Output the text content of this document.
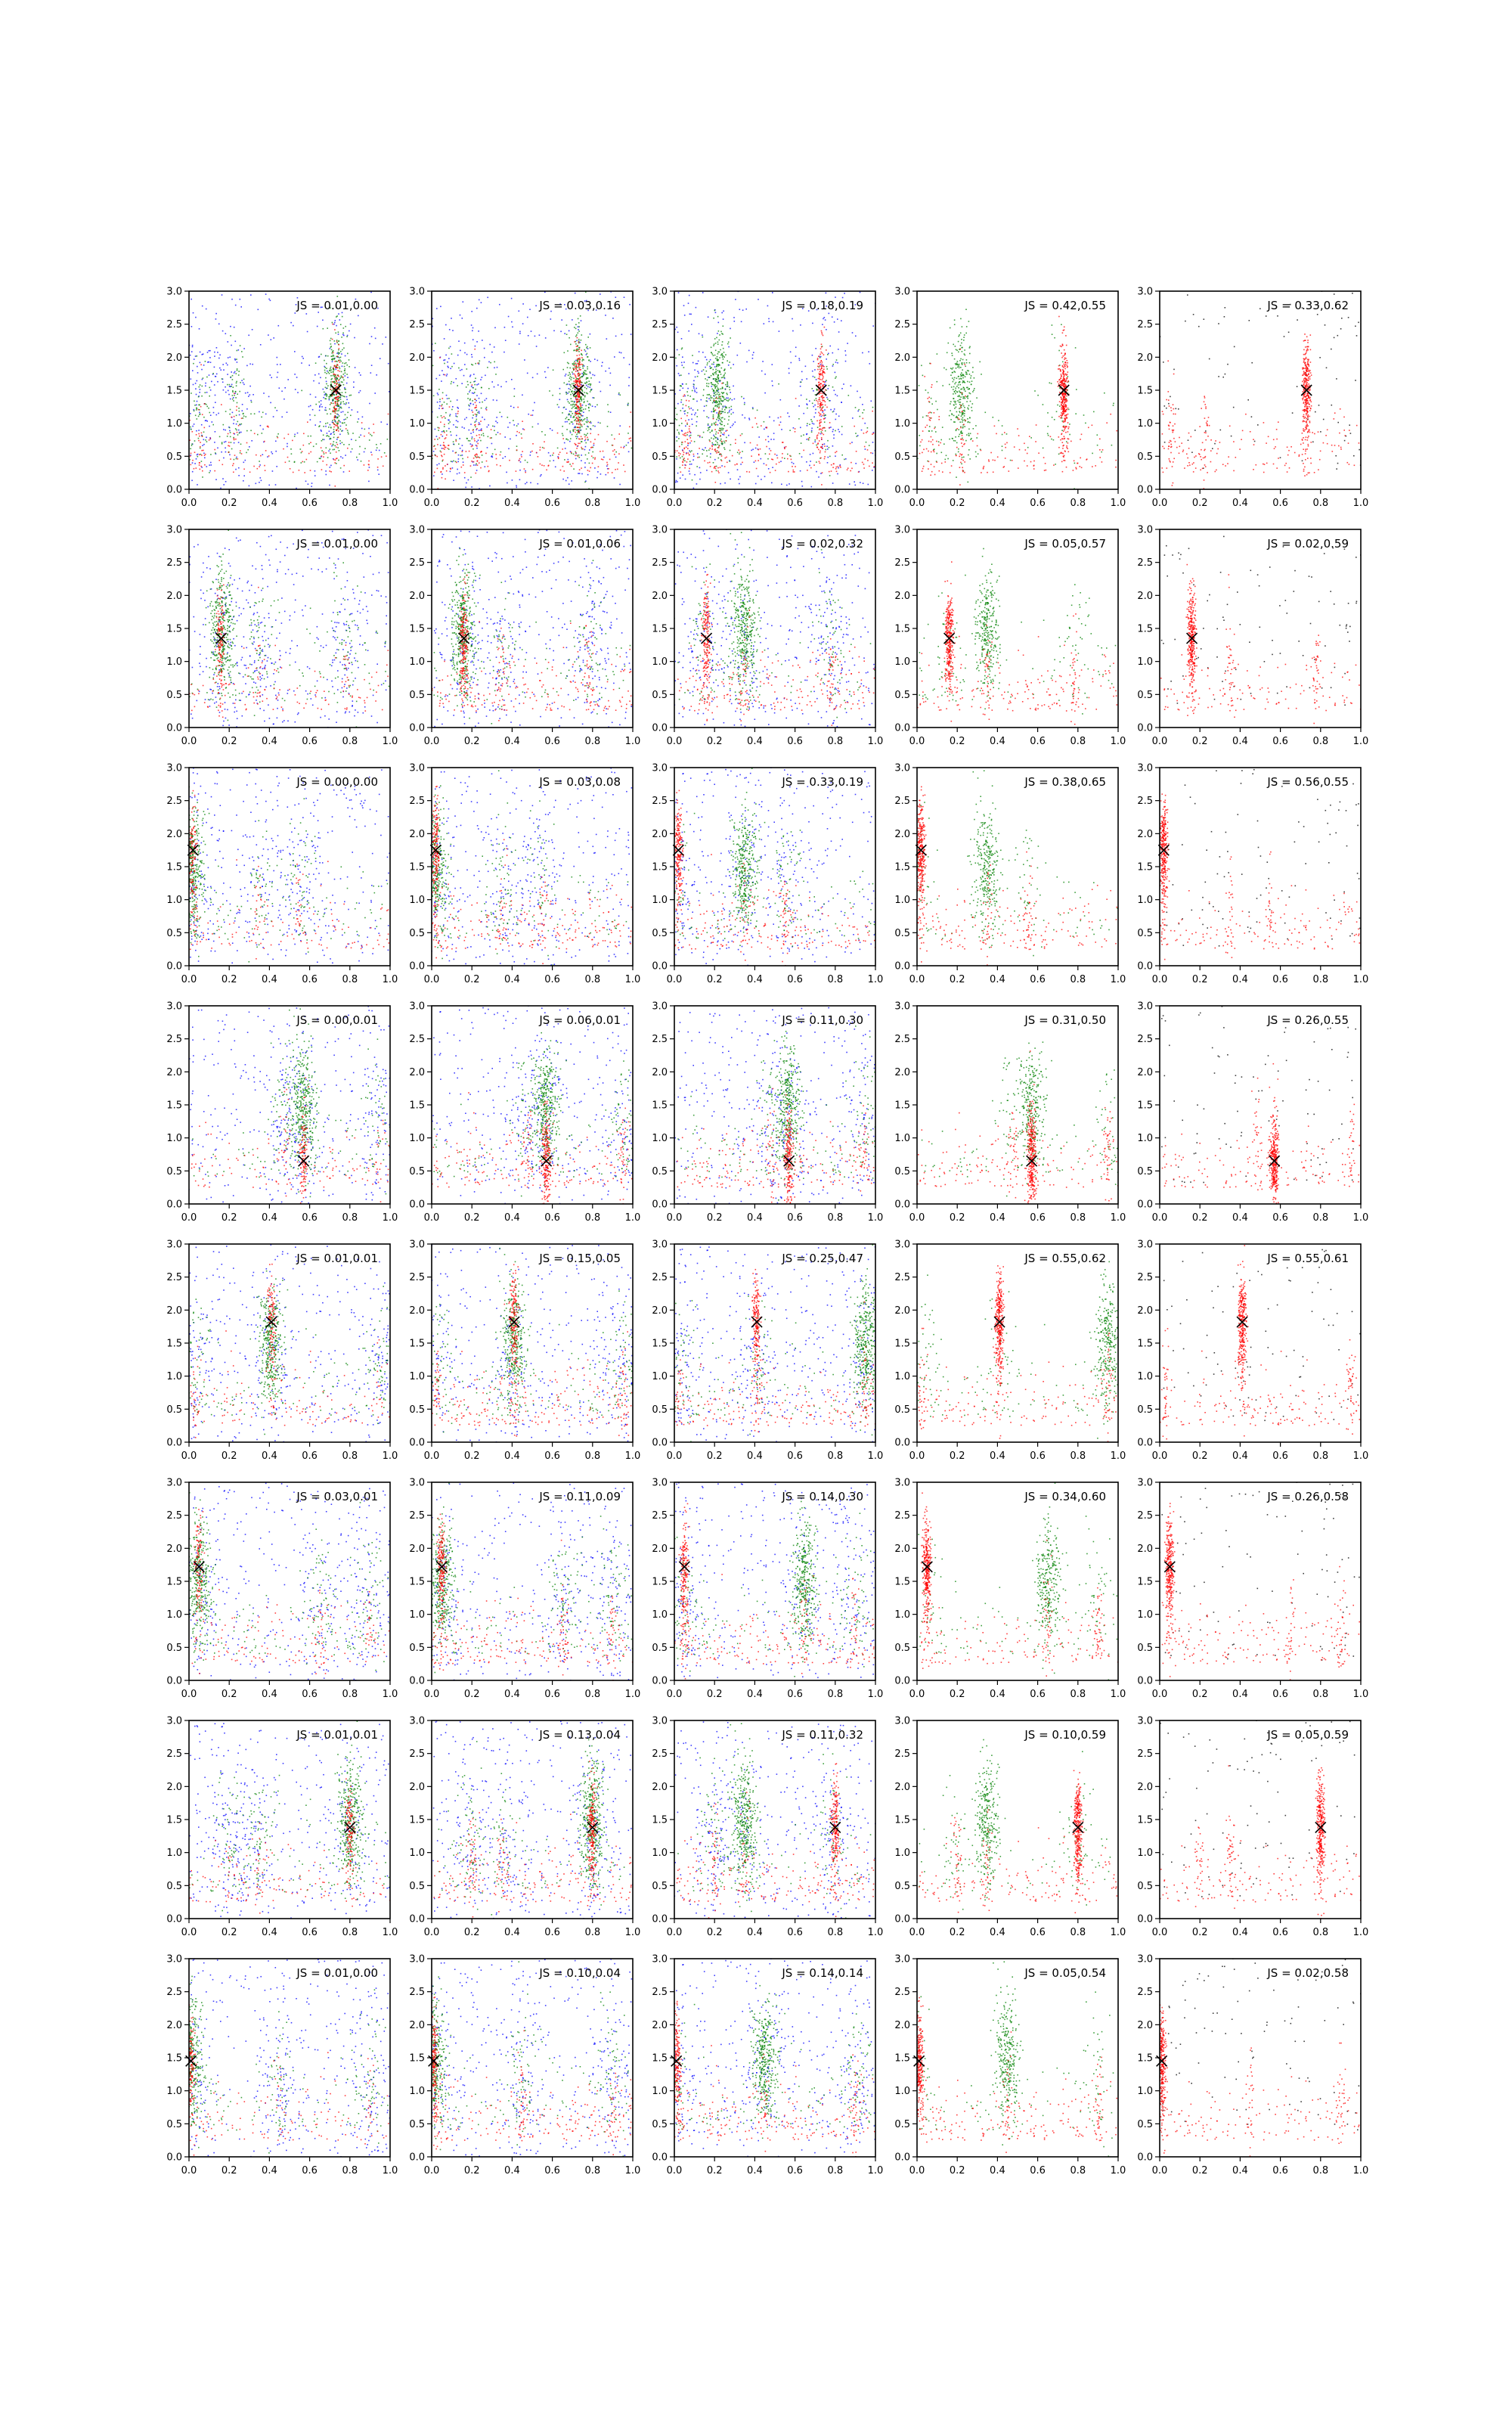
0.0	0.2	0.4	0.6	0.8	1.0
0.0
0.5
1.0
1.5
2.0
2.5
3.0
JS = 0.01,0.00
0.0	0.2	0.4	0.6	0.8	1.0
0.0
0.5
1.0
1.5
2.0
2.5
3.0
JS = 0.03,0.16
0.0	0.2	0.4	0.6	0.8	1.0
0.0
0.5
1.0
1.5
2.0
2.5
3.0
JS = 0.18,0.19
0.0	0.2	0.4	0.6	0.8	1.0
0.0
0.5
1.0
1.5
2.0
2.5
3.0
JS = 0.42,0.55
0.0	0.2	0.4	0.6	0.8	1.0
0.0
0.5
1.0
1.5
2.0
2.5
3.0
JS = 0.33,0.62
0.0	0.2	0.4	0.6	0.8	1.0
0.0
0.5
1.0
1.5
2.0
2.5
3.0
JS = 0.01,0.00
0.0	0.2	0.4	0.6	0.8	1.0
0.0
0.5
1.0
1.5
2.0
2.5
3.0
JS = 0.01,0.06
0.0	0.2	0.4	0.6	0.8	1.0
0.0
0.5
1.0
1.5
2.0
2.5
3.0
JS = 0.02,0.32
0.0	0.2	0.4	0.6	0.8	1.0
0.0
0.5
1.0
1.5
2.0
2.5
3.0
JS = 0.05,0.57
0.0	0.2	0.4	0.6	0.8	1.0
0.0
0.5
1.0
1.5
2.0
2.5
3.0
JS = 0.02,0.59
0.0	0.2	0.4	0.6	0.8	1.0
0.0
0.5
1.0
1.5
2.0
2.5
3.0
JS = 0.00,0.00
0.0	0.2	0.4	0.6	0.8	1.0
0.0
0.5
1.0
1.5
2.0
2.5
3.0
JS = 0.03,0.08
0.0	0.2	0.4	0.6	0.8	1.0
0.0
0.5
1.0
1.5
2.0
2.5
3.0
JS = 0.33,0.19
0.0	0.2	0.4	0.6	0.8	1.0
0.0
0.5
1.0
1.5
2.0
2.5
3.0
JS = 0.38,0.65
0.0	0.2	0.4	0.6	0.8	1.0
0.0
0.5
1.0
1.5
2.0
2.5
3.0
JS = 0.56,0.55
0.0	0.2	0.4	0.6	0.8	1.0
0.0
0.5
1.0
1.5
2.0
2.5
3.0
JS = 0.00,0.01
0.0	0.2	0.4	0.6	0.8	1.0
0.0
0.5
1.0
1.5
2.0
2.5
3.0
JS = 0.06,0.01
0.0	0.2	0.4	0.6	0.8	1.0
0.0
0.5
1.0
1.5
2.0
2.5
3.0
JS = 0.11,0.30
0.0	0.2	0.4	0.6	0.8	1.0
0.0
0.5
1.0
1.5
2.0
2.5
3.0
JS = 0.31,0.50
0.0	0.2	0.4	0.6	0.8	1.0
0.0
0.5
1.0
1.5
2.0
2.5
3.0
JS = 0.26,0.55
0.0	0.2	0.4	0.6	0.8	1.0
0.0
0.5
1.0
1.5
2.0
2.5
3.0
JS = 0.01,0.01
0.0	0.2	0.4	0.6	0.8	1.0
0.0
0.5
1.0
1.5
2.0
2.5
3.0
JS = 0.15,0.05
0.0	0.2	0.4	0.6	0.8	1.0
0.0
0.5
1.0
1.5
2.0
2.5
3.0
JS = 0.25,0.47
0.0	0.2	0.4	0.6	0.8	1.0
0.0
0.5
1.0
1.5
2.0
2.5
3.0
JS = 0.55,0.62
0.0	0.2	0.4	0.6	0.8	1.0
0.0
0.5
1.0
1.5
2.0
2.5
3.0
JS = 0.55,0.61
0.0	0.2	0.4	0.6	0.8	1.0
0.0
0.5
1.0
1.5
2.0
2.5
3.0
JS = 0.03,0.01
0.0	0.2	0.4	0.6	0.8	1.0
0.0
0.5
1.0
1.5
2.0
2.5
3.0
JS = 0.11,0.09
0.0	0.2	0.4	0.6	0.8	1.0
0.0
0.5
1.0
1.5
2.0
2.5
3.0
JS = 0.14,0.30
0.0	0.2	0.4	0.6	0.8	1.0
0.0
0.5
1.0
1.5
2.0
2.5
3.0
JS = 0.34,0.60
0.0	0.2	0.4	0.6	0.8	1.0
0.0
0.5
1.0
1.5
2.0
2.5
3.0
JS = 0.26,0.58
0.0	0.2	0.4	0.6	0.8	1.0
0.0
0.5
1.0
1.5
2.0
2.5
3.0
JS = 0.01,0.01
0.0	0.2	0.4	0.6	0.8	1.0
0.0
0.5
1.0
1.5
2.0
2.5
3.0
JS = 0.13,0.04
0.0	0.2	0.4	0.6	0.8	1.0
0.0
0.5
1.0
1.5
2.0
2.5
3.0
JS = 0.11,0.32
0.0	0.2	0.4	0.6	0.8	1.0
0.0
0.5
1.0
1.5
2.0
2.5
3.0
JS = 0.10,0.59
0.0	0.2	0.4	0.6	0.8	1.0
0.0
0.5
1.0
1.5
2.0
2.5
3.0
JS = 0.05,0.59
0.0	0.2	0.4	0.6	0.8	1.0
0.0
0.5
1.0
1.5
2.0
2.5
3.0
JS = 0.01,0.00
0.0	0.2	0.4	0.6	0.8	1.0
0.0
0.5
1.0
1.5
2.0
2.5
3.0
JS = 0.10,0.04
0.0	0.2	0.4	0.6	0.8	1.0
0.0
0.5
1.0
1.5
2.0
2.5
3.0
JS = 0.14,0.14
0.0	0.2	0.4	0.6	0.8	1.0
0.0
0.5
1.0
1.5
2.0
2.5
3.0
JS = 0.05,0.54
0.0	0.2	0.4	0.6	0.8	1.0
0.0
0.5
1.0
1.5
2.0
2.5
3.0
JS = 0.02,0.58
